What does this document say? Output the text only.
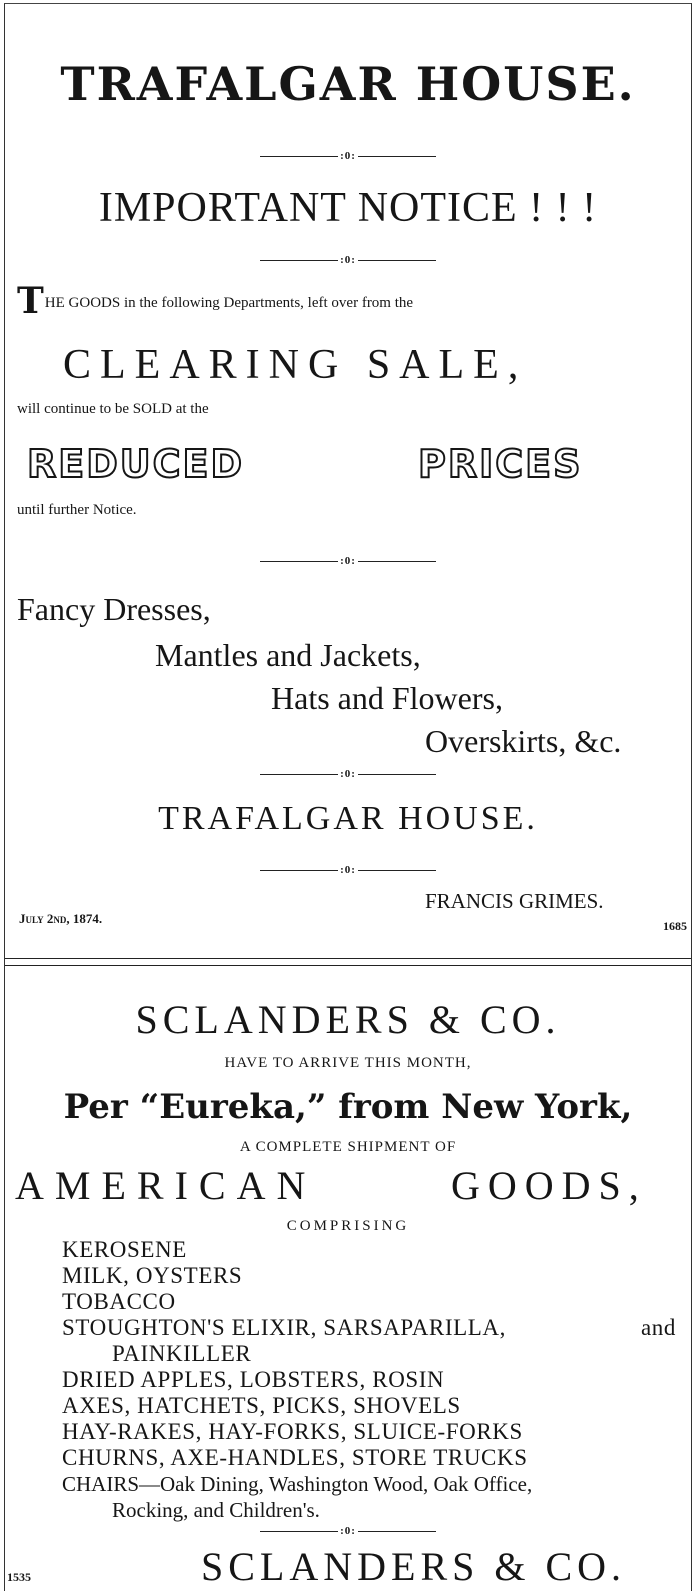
TRAFALGAR HOUSE.
:0:
IMPORTANT NOTICE ! ! !
:0:
THE GOODS in the following Departments, left over from the
CLEARING SALE,
will continue to be SOLD at the
REDUCED	PRICES
until further Notice.
:0:
Fancy Dresses,
Mantles and Jackets,
Hats and Flowers,
Overskirts, &c.
:0:
TRAFALGAR HOUSE.
:0:
FRANCIS GRIMES.
July 2nd, 1874.	1685
SCLANDERS & CO.
HAVE TO ARRIVE THIS MONTH,
Per “Eureka,” from New York,
A COMPLETE SHIPMENT OF
AMERICAN	GOODS,
COMPRISING
KEROSENE
MILK, OYSTERS
TOBACCO
STOUGHTON'S ELIXIR, SARSAPARILLA,	and
PAINKILLER
DRIED APPLES, LOBSTERS, ROSIN
AXES, HATCHETS, PICKS, SHOVELS
HAY-RAKES, HAY-FORKS, SLUICE-FORKS
CHURNS, AXE-HANDLES, STORE TRUCKS
CHAIRS—Oak Dining, Washington Wood, Oak Office,
Rocking, and Children's.
:0:
1535	SCLANDERS & CO.
